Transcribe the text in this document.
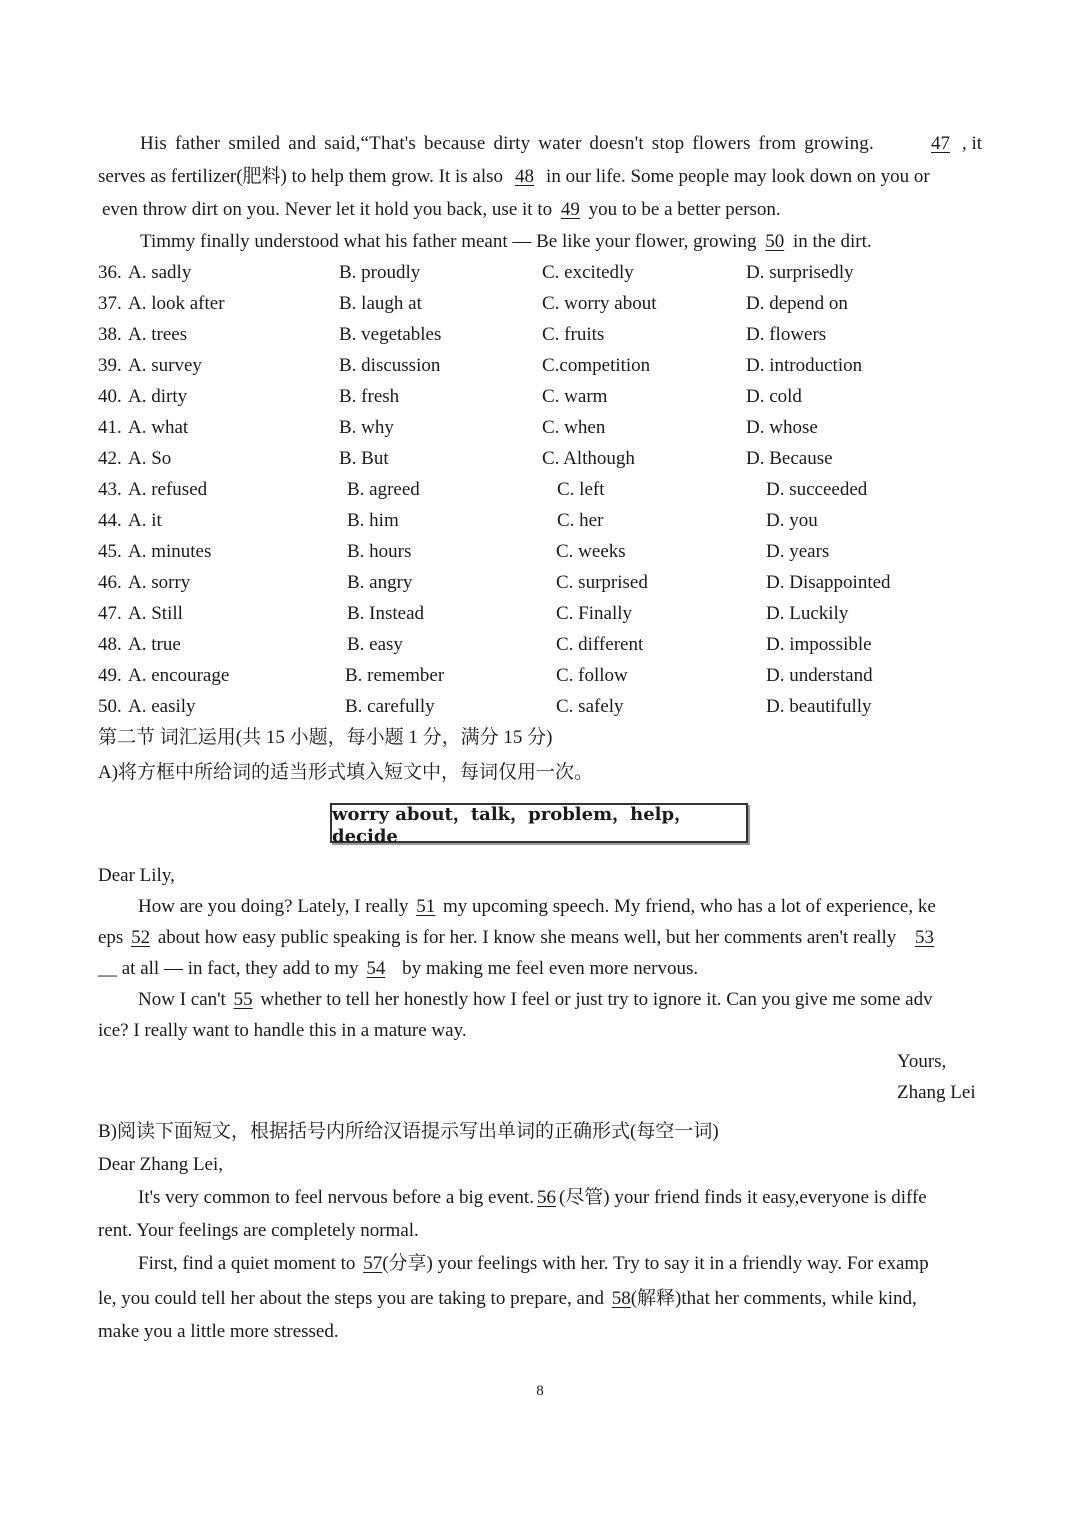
His father smiled and said,“That's because dirty water doesn't stop flowers from growing.	47 , it
serves as fertilizer(肥料) to help them grow. It is also 48 in our life. Some people may look down on you or
even throw dirt on you. Never let it hold you back, use it to 49 you to be a better person.
Timmy finally understood what his father meant — Be like your flower, growing 50 in the dirt.
36. A. sadly	B. proudly	C. excitedly	D. surprisedly
37. A. look after	B. laugh at	C. worry about	D. depend on
38. A. trees	B. vegetables	C. fruits	D. flowers
39. A. survey	B. discussion	C.competition	D. introduction
40. A. dirty	B. fresh	C. warm	D. cold
41. A. what	B. why	C. when	D. whose
42. A. So	B. But	C. Although	D. Because
43. A. refused	B. agreed	C. left	D. succeeded
44. A. it	B. him	C. her	D. you
45. A. minutes	B. hours	C. weeks	D. years
46. A. sorry	B. angry	C. surprised	D. Disappointed
47. A. Still	B. Instead	C. Finally	D. Luckily
48. A. true	B. easy	C. different	D. impossible
49. A. encourage	B. remember	C. follow	D. understand
50. A. easily	B. carefully	C. safely	D. beautifully
第二节 词汇运用(共 15 小题，每小题 1 分，满分 15 分)
A)将方框中所给词的适当形式填入短文中，每词仅用一次。
worry about，talk，problem，help，decide
Dear Lily,
How are you doing? Lately, I really 51 my upcoming speech. My friend, who has a lot of experience, ke
eps 52 about how easy public speaking is for her. I know she means well, but her comments aren't really 53
__ at all — in fact, they add to my 54 by making me feel even more nervous.
Now I can't 55 whether to tell her honestly how I feel or just try to ignore it. Can you give me some adv
ice? I really want to handle this in a mature way.
Yours,
Zhang Lei
B)阅读下面短文，根据括号内所给汉语提示写出单词的正确形式(每空一词)
Dear Zhang Lei,
It's very common to feel nervous before a big event. 56 (尽管) your friend finds it easy,everyone is diffe
rent. Your feelings are completely normal.
First, find a quiet moment to 57(分享) your feelings with her. Try to say it in a friendly way. For examp
le, you could tell her about the steps you are taking to prepare, and 58(解释)that her comments, while kind,
make you a little more stressed.
8
